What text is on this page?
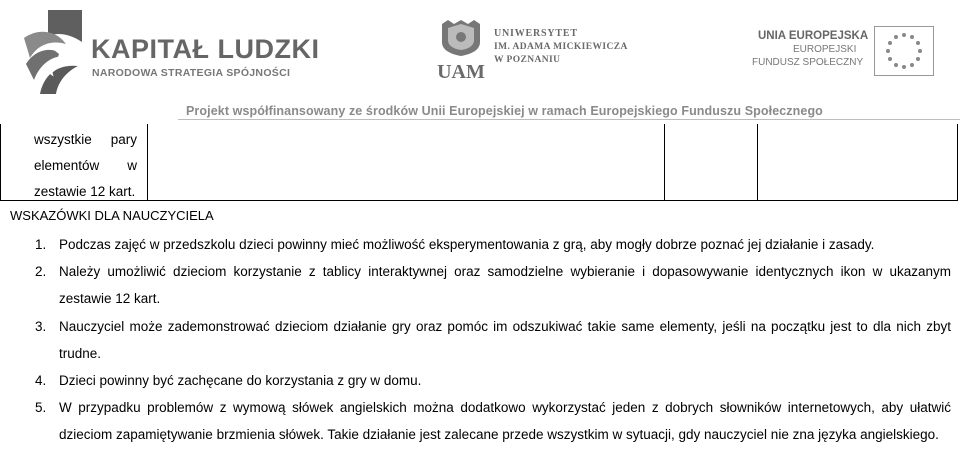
KAPITAŁ LUDZKI
NARODOWA STRATEGIA SPÓJNOŚCI	UAM
UNIWERSYTET
IM. ADAMA MICKIEWICZA
W POZNANIU
UNIA EUROPEJSKA
EUROPEJSKI
FUNDUSZ SPOŁECZNY
Projekt współfinansowany ze środków Unii Europejskiej w ramach Europejskiego Funduszu Społecznego
wszystkie pary
elementów w
zestawie 12 kart.
WSKAZÓWKI DLA NAUCZYCIELA
1. Podczas zajęć w przedszkolu dzieci powinny mieć możliwość eksperymentowania z grą, aby mogły dobrze poznać jej działanie i zasady.
2. Należy umożliwić dzieciom korzystanie z tablicy interaktywnej oraz samodzielne wybieranie i dopasowywanie identycznych ikon w ukazanym
zestawie 12 kart.
3. Nauczyciel może zademonstrować dzieciom działanie gry oraz pomóc im odszukiwać takie same elementy, jeśli na początku jest to dla nich zbyt
trudne.
4. Dzieci powinny być zachęcane do korzystania z gry w domu.
5. W przypadku problemów z wymową słówek angielskich można dodatkowo wykorzystać jeden z dobrych słowników internetowych, aby ułatwić
dzieciom zapamiętywanie brzmienia słówek. Takie działanie jest zalecane przede wszystkim w sytuacji, gdy nauczyciel nie zna języka angielskiego.
